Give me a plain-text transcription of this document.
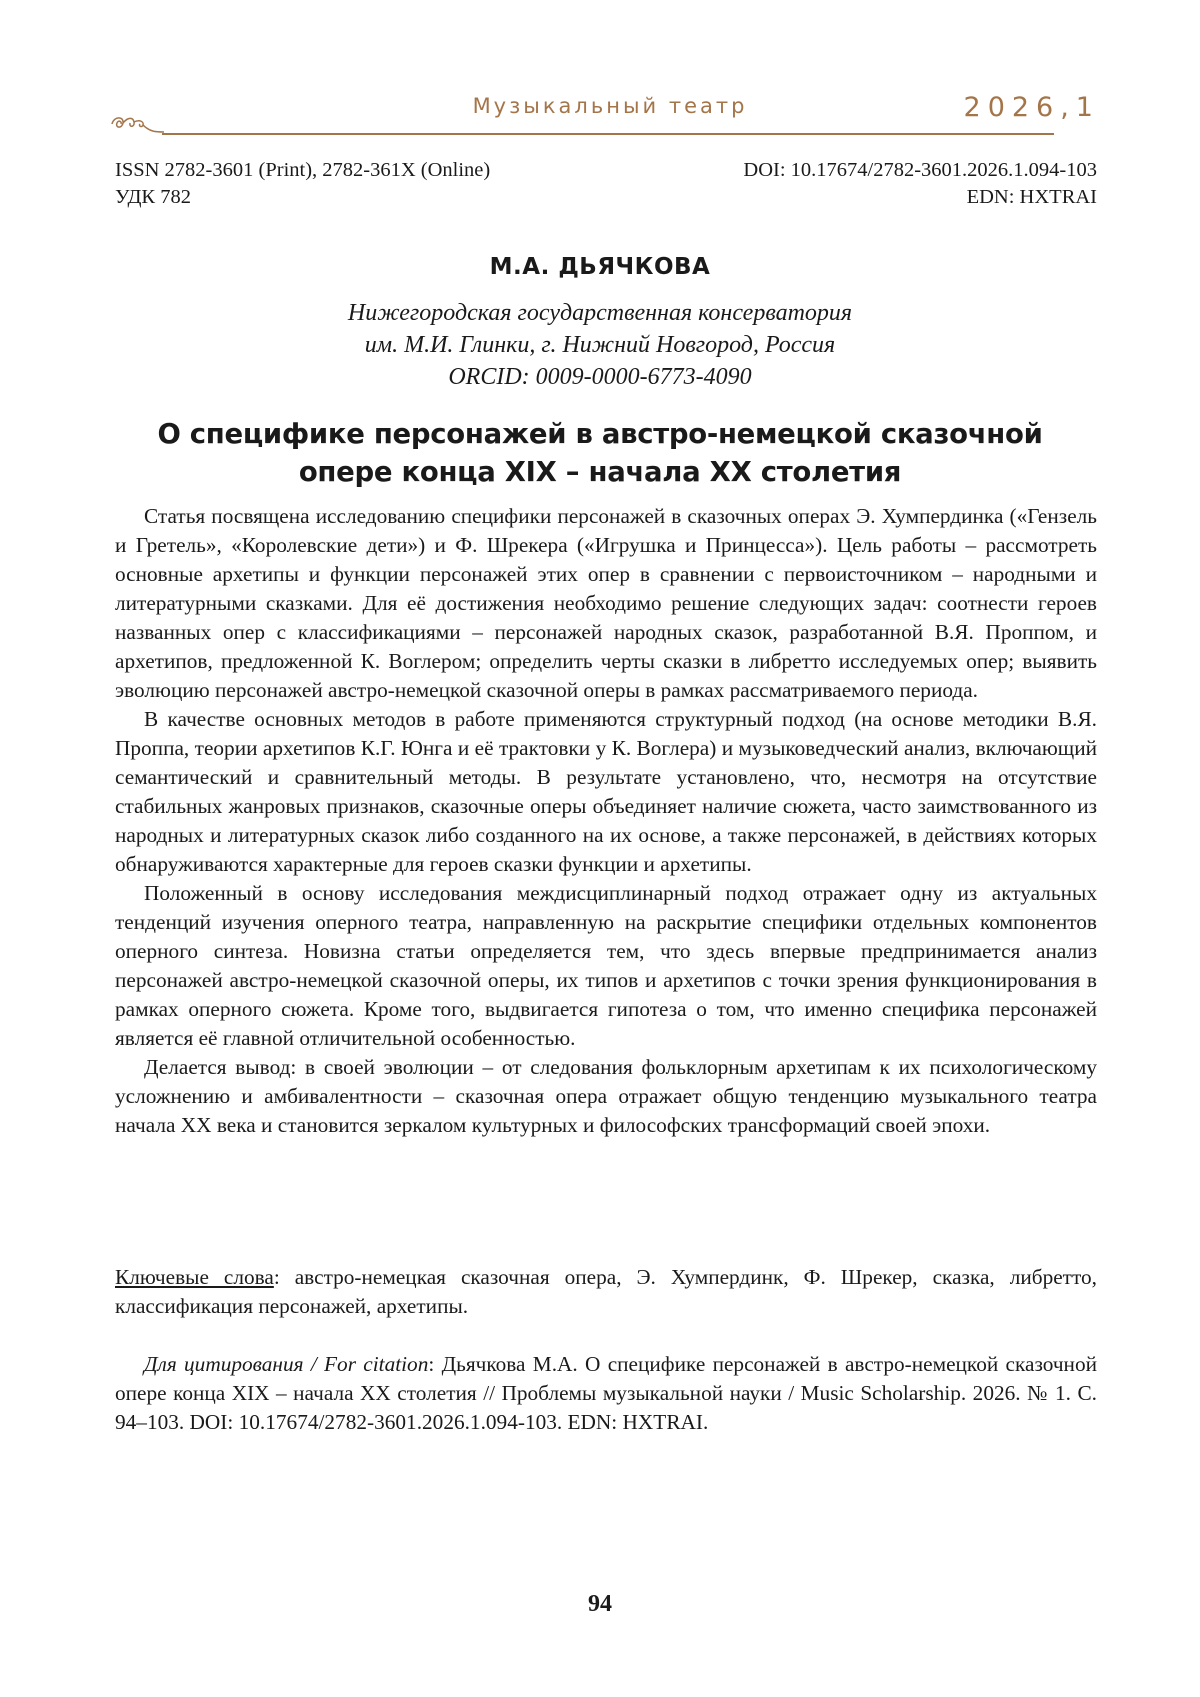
Музыкальный театр	2026,1
ISSN 2782-3601 (Print), 2782-361X (Online)	DOI: 10.17674/2782-3601.2026.1.094-103
УДК 782	EDN: HXTRAI
М.А. ДЬЯЧКОВА
Нижегородская государственная консерватория
им. М.И. Глинки, г. Нижний Новгород, Россия
ORCID: 0009-0000-6773-4090
О специфике персонажей в австро-немецкой сказочной
опере конца XIX – начала XX столетия

Статья посвящена исследованию специфики персонажей в сказочных операх Э. Хумпердинка («Гензель и Гретель», «Королевские дети») и Ф. Шрекера («Игрушка и Принцесса»). Цель работы – рассмотреть основные архетипы и функции персонажей этих опер в сравнении с первоисточником – народными и литературными сказками. Для её достижения необходимо решение следующих задач: соотнести героев названных опер с классификациями – персонажей народных сказок, разработанной В.Я. Проппом, и архетипов, предложенной К. Воглером; определить черты сказки в либретто исследуемых опер; выявить эволюцию персонажей австро-немецкой сказочной оперы в рамках рассматриваемого периода.

В качестве основных методов в работе применяются структурный подход (на основе методики В.Я. Проппа, теории архетипов К.Г. Юнга и её трактовки у К. Воглера) и музыковедческий анализ, включающий семантический и сравнительный методы. В результате установлено, что, несмотря на отсутствие стабильных жанровых признаков, сказочные оперы объединяет наличие сюжета, часто заимствованного из народных и литературных сказок либо созданного на их основе, а также персонажей, в действиях которых обнаруживаются характерные для героев сказки функции и архетипы.

Положенный в основу исследования междисциплинарный подход отражает одну из актуальных тенденций изучения оперного театра, направленную на раскрытие специфики отдельных компонентов оперного синтеза. Новизна статьи определяется тем, что здесь впервые предпринимается анализ персонажей австро-немецкой сказочной оперы, их типов и архетипов с точки зрения функционирования в рамках оперного сюжета. Кроме того, выдвигается гипотеза о том, что именно специфика персонажей является её главной отличительной особенностью.

Делается вывод: в своей эволюции – от следования фольклорным архетипам к их психологическому усложнению и амбивалентности – сказочная опера отражает общую тенденцию музыкального театра начала XX века и становится зеркалом культурных и философских трансформаций своей эпохи.

Ключевые слова: австро-немецкая сказочная опера, Э. Хумпердинк, Ф. Шрекер, сказка, либретто, классификация персонажей, архетипы.
Для цитирования / For citation: Дьячкова М.А. О специфике персонажей в австро-немецкой сказочной опере конца XIX – начала XX столетия // Проблемы музыкальной науки / Music Scholarship. 2026. № 1. С. 94–103. DOI: 10.17674/2782-3601.2026.1.094-103. EDN: HXTRAI.
94
